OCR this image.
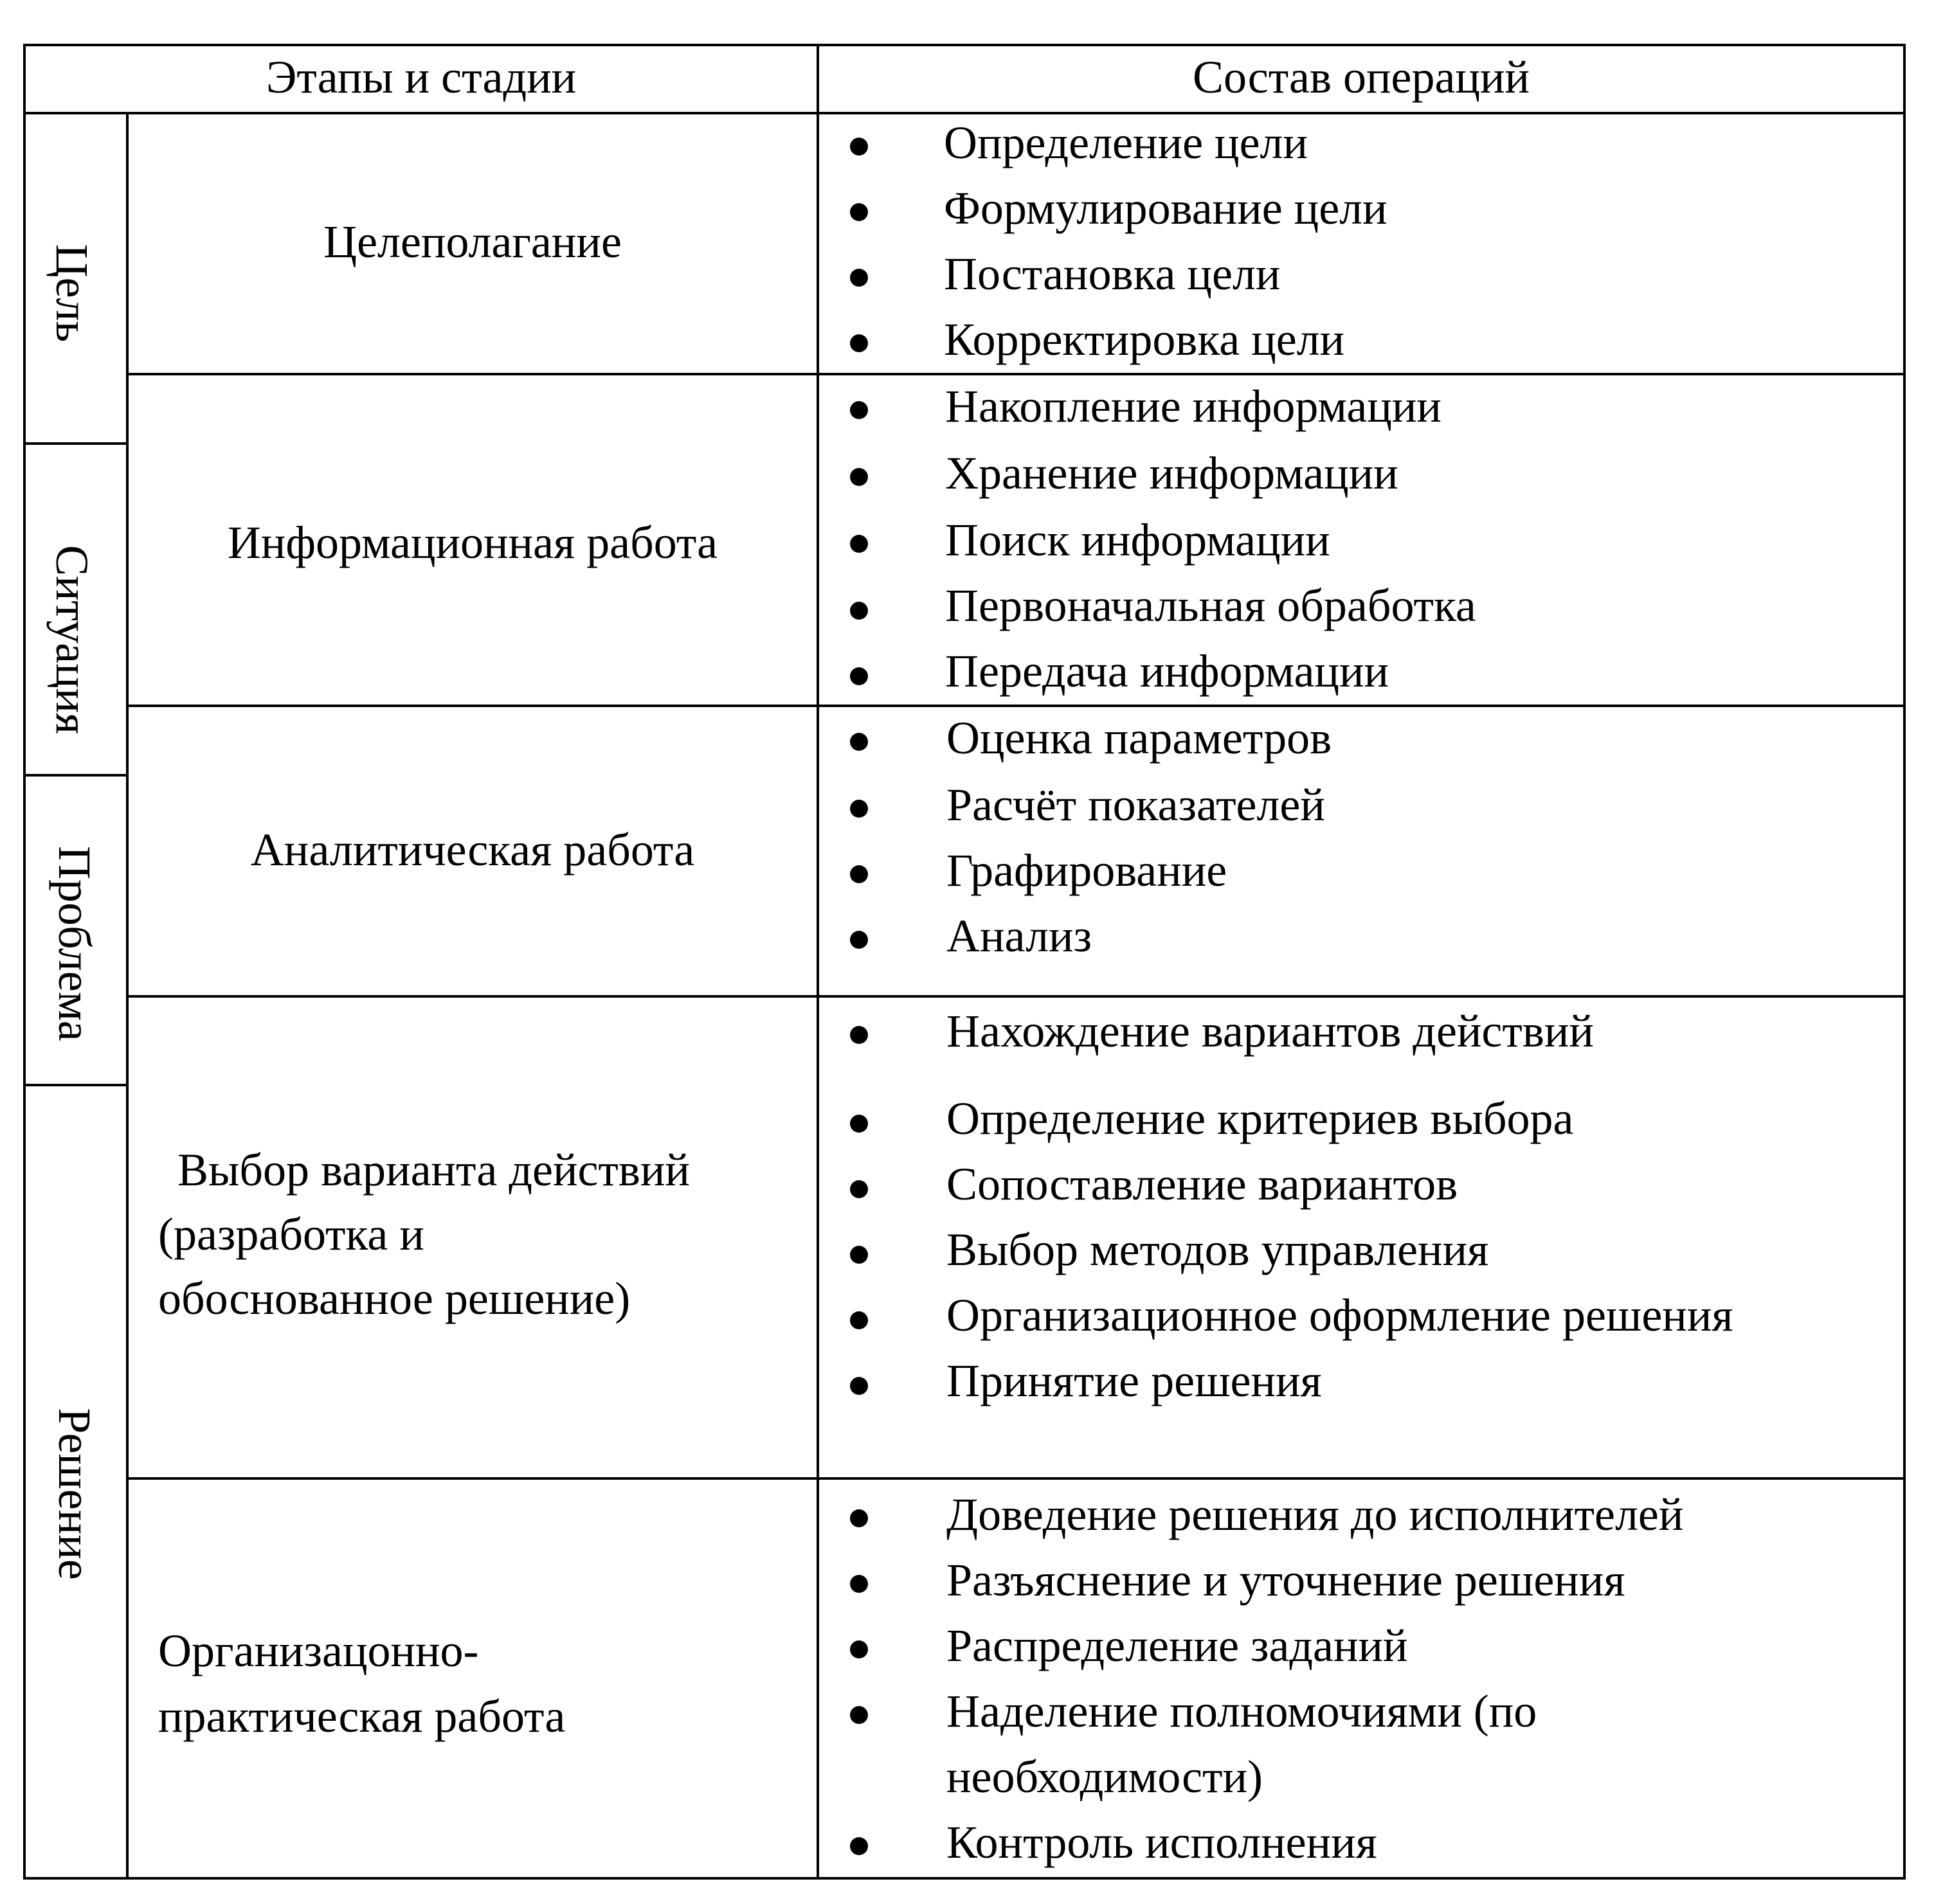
Этапы и стадии	Состав операций
Цель
Ситуация
Проблема
Решение
Целеполагание
Определение цели
Формулирование цели
Постановка цели
Корректировка цели
Информационная работа
Накопление информации
Хранение информации
Поиск информации
Первоначальная обработка
Передача информации
Аналитическая работа
Оценка параметров
Расчёт показателей
Графирование
Анализ
Выбор варианта действий
(разработка и
обоснованное решение)
Нахождение вариантов действий
Определение критериев выбора
Сопоставление вариантов
Выбор методов управления
Организационное оформление решения
Принятие решения
Организацонно-
практическая работа
Доведение решения до исполнителей
Разъяснение и уточнение решения
Распределение заданий
Наделение полномочиями (по
необходимости)
Контроль исполнения
